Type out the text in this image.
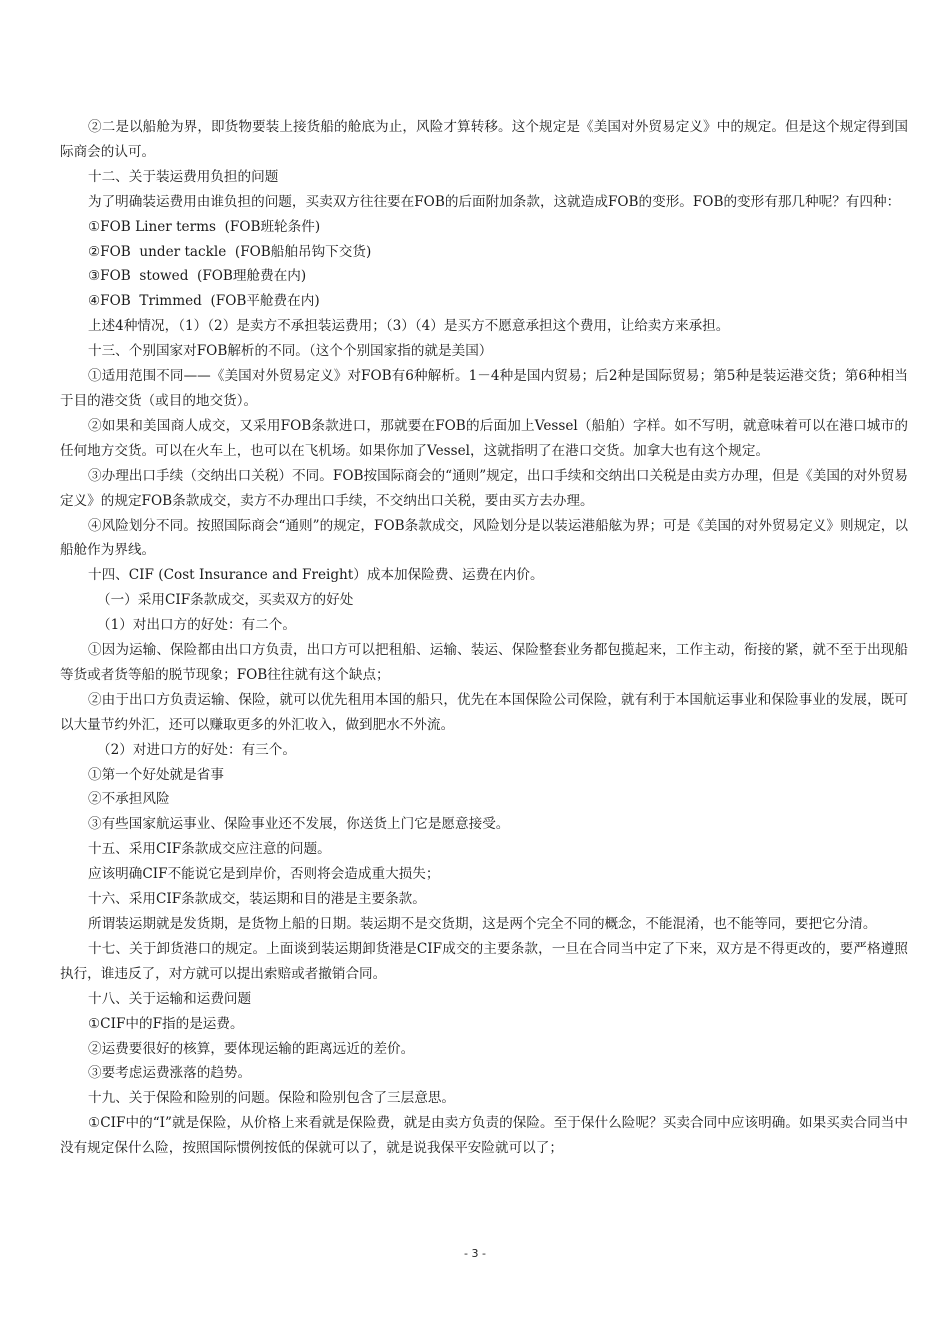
②二是以船舱为界，即货物要装上接货船的舱底为止，风险才算转移。这个规定是《美国对外贸易定义》中的规定。但是这个规定得到国际商会的认可。

十二、关于装运费用负担的问题

为了明确装运费用由谁负担的问题，买卖双方往往要在FOB的后面附加条款，这就造成FOB的变形。FOB的变形有那几种呢？有四种：

①FOB Liner terms  (FOB班轮条件)

②FOB  under tackle  (FOB船舶吊钩下交货)

③FOB  stowed  (FOB理舱费在内)

④FOB  Trimmed  (FOB平舱费在内)

上述4种情况，（1）（2）是卖方不承担装运费用；（3）（4）是买方不愿意承担这个费用，让给卖方来承担。

十三、个别国家对FOB解析的不同。（这个个别国家指的就是美国）

①适用范围不同——《美国对外贸易定义》对FOB有6种解析。1－4种是国内贸易；后2种是国际贸易；第5种是装运港交货；第6种相当于目的港交货（或目的地交货）。

②如果和美国商人成交，又采用FOB条款进口，那就要在FOB的后面加上Vessel（船舶）字样。如不写明，就意味着可以在港口城市的任何地方交货。可以在火车上，也可以在飞机场。如果你加了Vessel，这就指明了在港口交货。加拿大也有这个规定。

③办理出口手续（交纳出口关税）不同。FOB按国际商会的“通则”规定，出口手续和交纳出口关税是由卖方办理，但是《美国的对外贸易定义》的规定FOB条款成交，卖方不办理出口手续，不交纳出口关税，要由买方去办理。

④风险划分不同。按照国际商会“通则”的规定，FOB条款成交，风险划分是以装运港船舷为界；可是《美国的对外贸易定义》则规定，以船舱作为界线。

十四、CIF (Cost Insurance and Freight）成本加保险费、运费在内价。

（一）采用CIF条款成交，买卖双方的好处

（1）对出口方的好处：有二个。

①因为运输、保险都由出口方负责，出口方可以把租船、运输、装运、保险整套业务都包揽起来，工作主动，衔接的紧，就不至于出现船等货或者货等船的脱节现象；FOB往往就有这个缺点；

②由于出口方负责运输、保险，就可以优先租用本国的船只，优先在本国保险公司保险，就有利于本国航运事业和保险事业的发展，既可以大量节约外汇，还可以赚取更多的外汇收入，做到肥水不外流。

（2）对进口方的好处：有三个。

①第一个好处就是省事

②不承担风险

③有些国家航运事业、保险事业还不发展，你送货上门它是愿意接受。

十五、采用CIF条款成交应注意的问题。

应该明确CIF不能说它是到岸价，否则将会造成重大损失；

十六、采用CIF条款成交，装运期和目的港是主要条款。

所谓装运期就是发货期，是货物上船的日期。装运期不是交货期，这是两个完全不同的概念，不能混淆，也不能等同，要把它分清。

十七、关于卸货港口的规定。上面谈到装运期卸货港是CIF成交的主要条款，一旦在合同当中定了下来，双方是不得更改的，要严格遵照执行，谁违反了，对方就可以提出索赔或者撤销合同。

十八、关于运输和运费问题

①CIF中的F指的是运费。

②运费要很好的核算，要体现运输的距离远近的差价。

③要考虑运费涨落的趋势。

十九、关于保险和险别的问题。保险和险别包含了三层意思。

①CIF中的“I”就是保险，从价格上来看就是保险费，就是由卖方负责的保险。至于保什么险呢？买卖合同中应该明确。如果买卖合同当中没有规定保什么险，按照国际惯例按低的保就可以了，就是说我保平安险就可以了；

- 3 -
